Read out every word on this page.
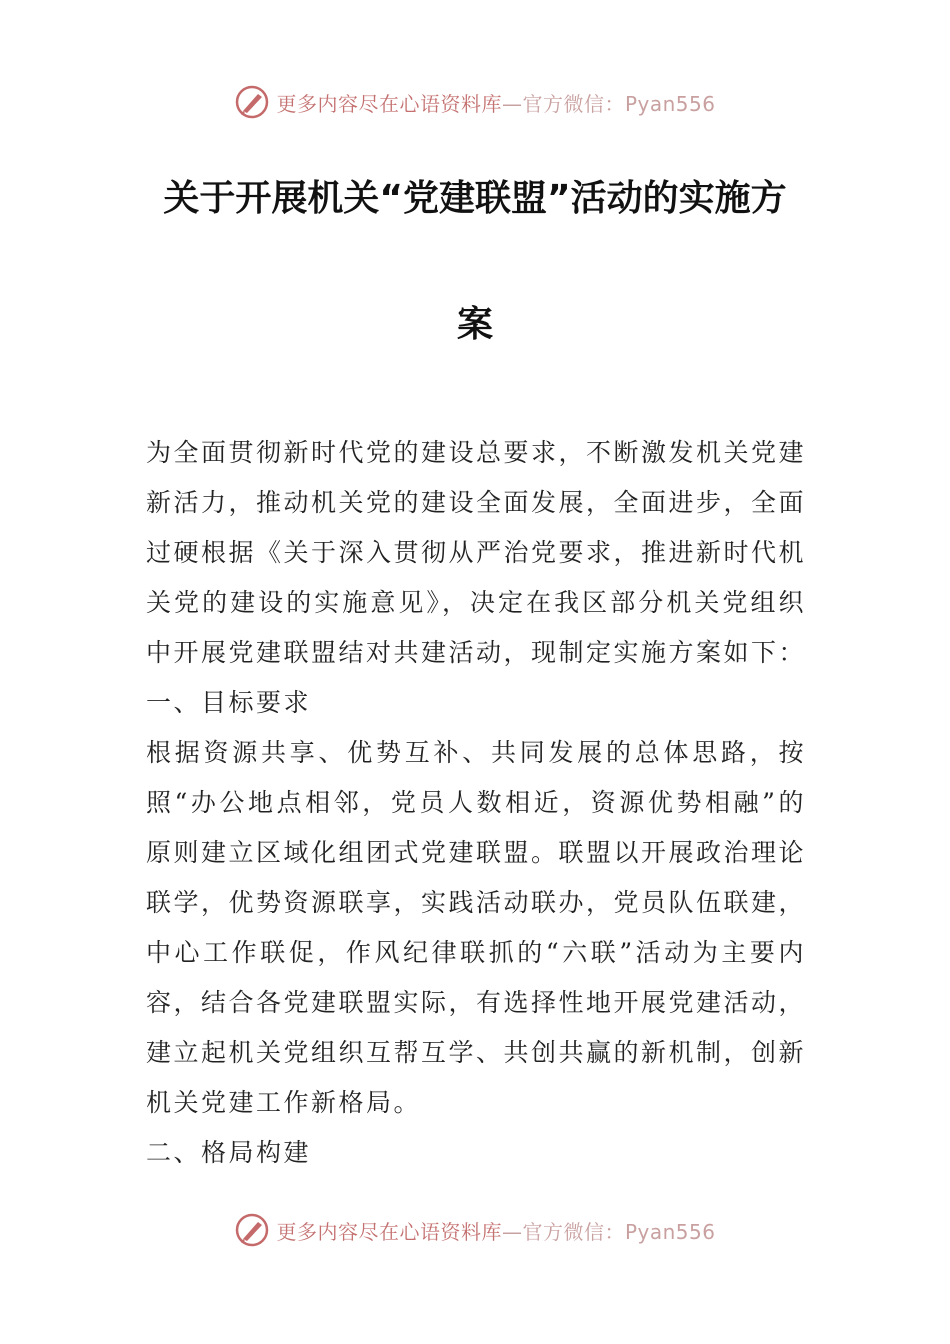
更多内容尽在心语资料库—官方微信：Pyan556
关于开展机关“党建联盟”活动的实施方
案

为全面贯彻新时代党的建设总要求，不断激发机关党建新活力，推动机关党的建设全面发展，全面进步，全面过硬根据《关于深入贯彻从严治党要求，推进新时代机关党的建设的实施意见》，决定在我区部分机关党组织中开展党建联盟结对共建活动，现制定实施方案如下：

一、目标要求

根据资源共享、优势互补、共同发展的总体思路，按照“办公地点相邻，党员人数相近，资源优势相融”的原则建立区域化组团式党建联盟。联盟以开展政治理论联学，优势资源联享，实践活动联办，党员队伍联建，中心工作联促，作风纪律联抓的“六联”活动为主要内容，结合各党建联盟实际，有选择性地开展党建活动，建立起机关党组织互帮互学、共创共赢的新机制，创新机关党建工作新格局。

二、格局构建

更多内容尽在心语资料库—官方微信：Pyan556
